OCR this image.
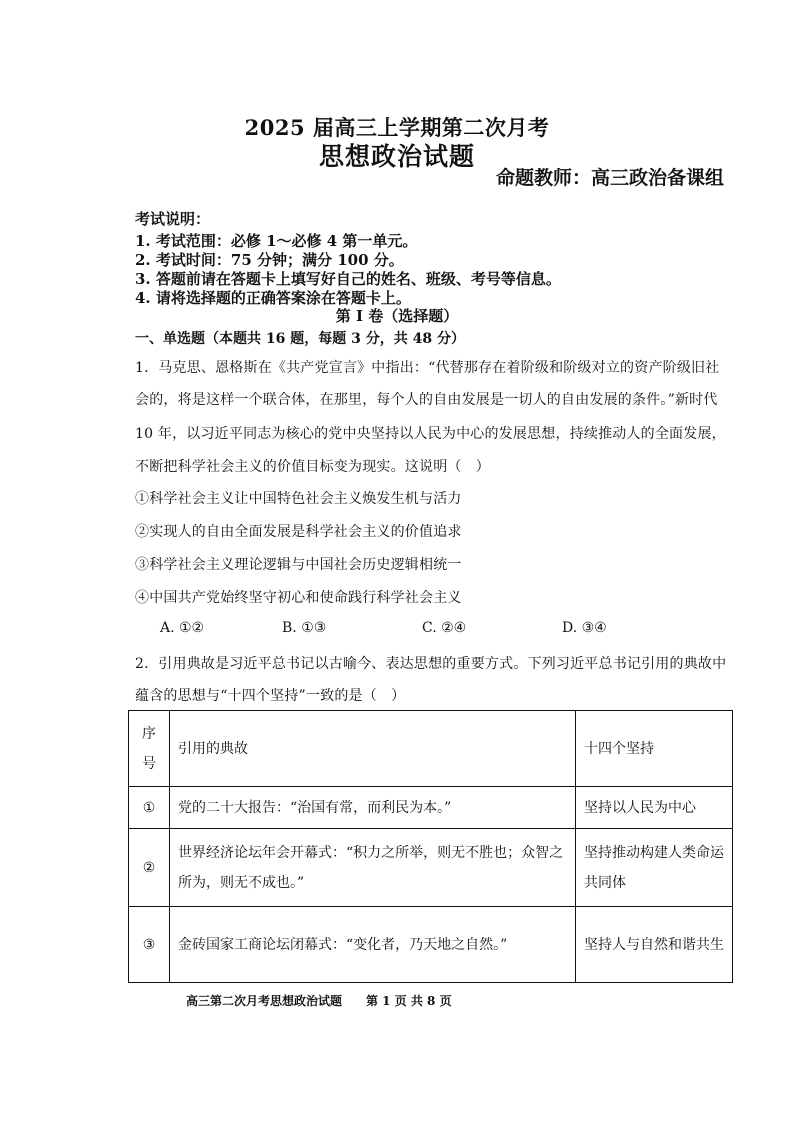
2025 届高三上学期第二次月考
思想政治试题
命题教师：高三政治备课组
考试说明：
1. 考试范围：必修 1～必修 4 第一单元。
2. 考试时间：75 分钟；满分 100 分。
3. 答题前请在答题卡上填写好自己的姓名、班级、考号等信息。
4. 请将选择题的正确答案涂在答题卡上。
第 I 卷（选择题）
一、单选题（本题共 16 题，每题 3 分，共 48 分）
1．马克思、恩格斯在《共产党宣言》中指出：“代替那存在着阶级和阶级对立的资产阶级旧社
会的，将是这样一个联合体，在那里，每个人的自由发展是一切人的自由发展的条件。”新时代
10 年，以习近平同志为核心的党中央坚持以人民为中心的发展思想，持续推动人的全面发展，
不断把科学社会主义的价值目标变为现实。这说明（　）
①科学社会主义让中国特色社会主义焕发生机与活力
②实现人的自由全面发展是科学社会主义的价值追求
③科学社会主义理论逻辑与中国社会历史逻辑相统一
④中国共产党始终坚守初心和使命践行科学社会主义
A. ①②	B. ①③	C. ②④	D. ③④
2．引用典故是习近平总书记以古喻今、表达思想的重要方式。下列习近平总书记引用的典故中
蕴含的思想与“十四个坚持”一致的是（　）
序号	引用的典故	十四个坚持
①	党的二十大报告：“治国有常，而利民为本。”	坚持以人民为中心
②	世界经济论坛年会开幕式：“积力之所举，则无不胜也；众智之所为，则无不成也。”	坚持推动构建人类命运共同体
③	金砖国家工商论坛闭幕式：“变化者，乃天地之自然。”	坚持人与自然和谐共生
高三第二次月考思想政治试题　　第 1 页 共 8 页
